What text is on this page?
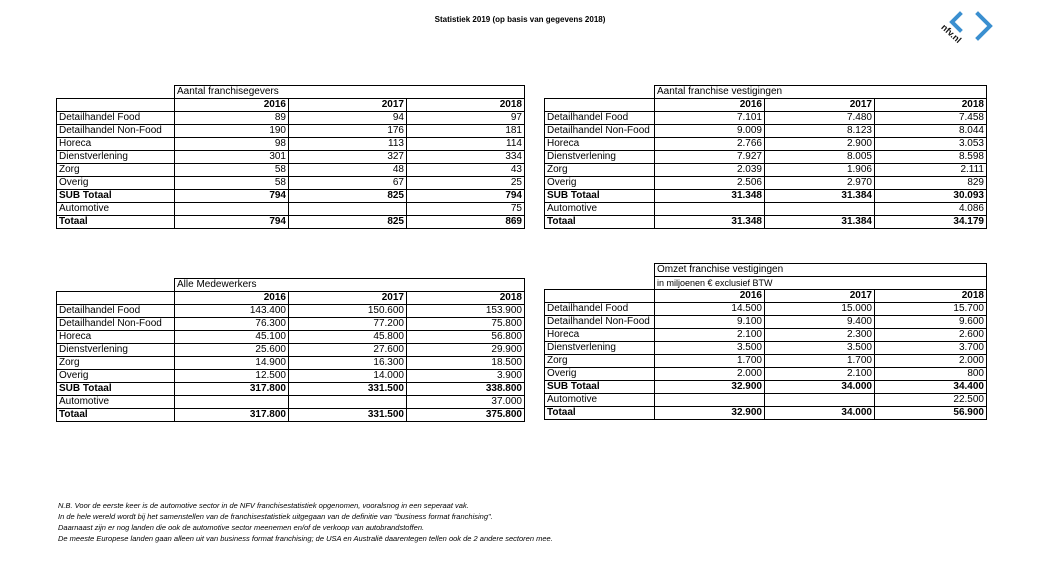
Statistiek 2019 (op basis van gegevens 2018)
nfv.nl
	Aantal franchisegevers		
	2016	2017	2018
Detailhandel Food	89	94	97
Detailhandel Non-Food	190	176	181
Horeca	98	113	114
Dienstverlening	301	327	334
Zorg	58	48	43
Overig	58	67	25
SUB Totaal	794	825	794
Automotive			75
Totaal	794	825	869
	Aantal franchise vestigingen		
	2016	2017	2018
Detailhandel Food	7.101	7.480	7.458
Detailhandel Non-Food	9.009	8.123	8.044
Horeca	2.766	2.900	3.053
Dienstverlening	7.927	8.005	8.598
Zorg	2.039	1.906	2.111
Overig	2.506	2.970	829
SUB Totaal	31.348	31.384	30.093
Automotive			4.086
Totaal	31.348	31.384	34.179
	Alle Medewerkers		
	2016	2017	2018
Detailhandel Food	143.400	150.600	153.900
Detailhandel Non-Food	76.300	77.200	75.800
Horeca	45.100	45.800	56.800
Dienstverlening	25.600	27.600	29.900
Zorg	14.900	16.300	18.500
Overig	12.500	14.000	3.900
SUB Totaal	317.800	331.500	338.800
Automotive			37.000
Totaal	317.800	331.500	375.800
	Omzet franchise vestigingen		
	in miljoenen € exclusief BTW		
	2016	2017	2018
Detailhandel Food	14.500	15.000	15.700
Detailhandel Non-Food	9.100	9.400	9.600
Horeca	2.100	2.300	2.600
Dienstverlening	3.500	3.500	3.700
Zorg	1.700	1.700	2.000
Overig	2.000	2.100	800
SUB Totaal	32.900	34.000	34.400
Automotive			22.500
Totaal	32.900	34.000	56.900
N.B. Voor de eerste keer is de automotive sector in de NFV franchisestatistiek opgenomen, vooralsnog in een seperaat vak.
In de hele wereld wordt bij het samenstellen van de franchisestatistiek uitgegaan van de definitie van "business format franchising".
Daarnaast zijn er nog landen die ook de automotive sector meenemen en/of de verkoop van autobrandstoffen.
De meeste Europese landen gaan alleen uit van business format franchising; de USA en Australië daarentegen tellen ook de 2 andere sectoren mee.
